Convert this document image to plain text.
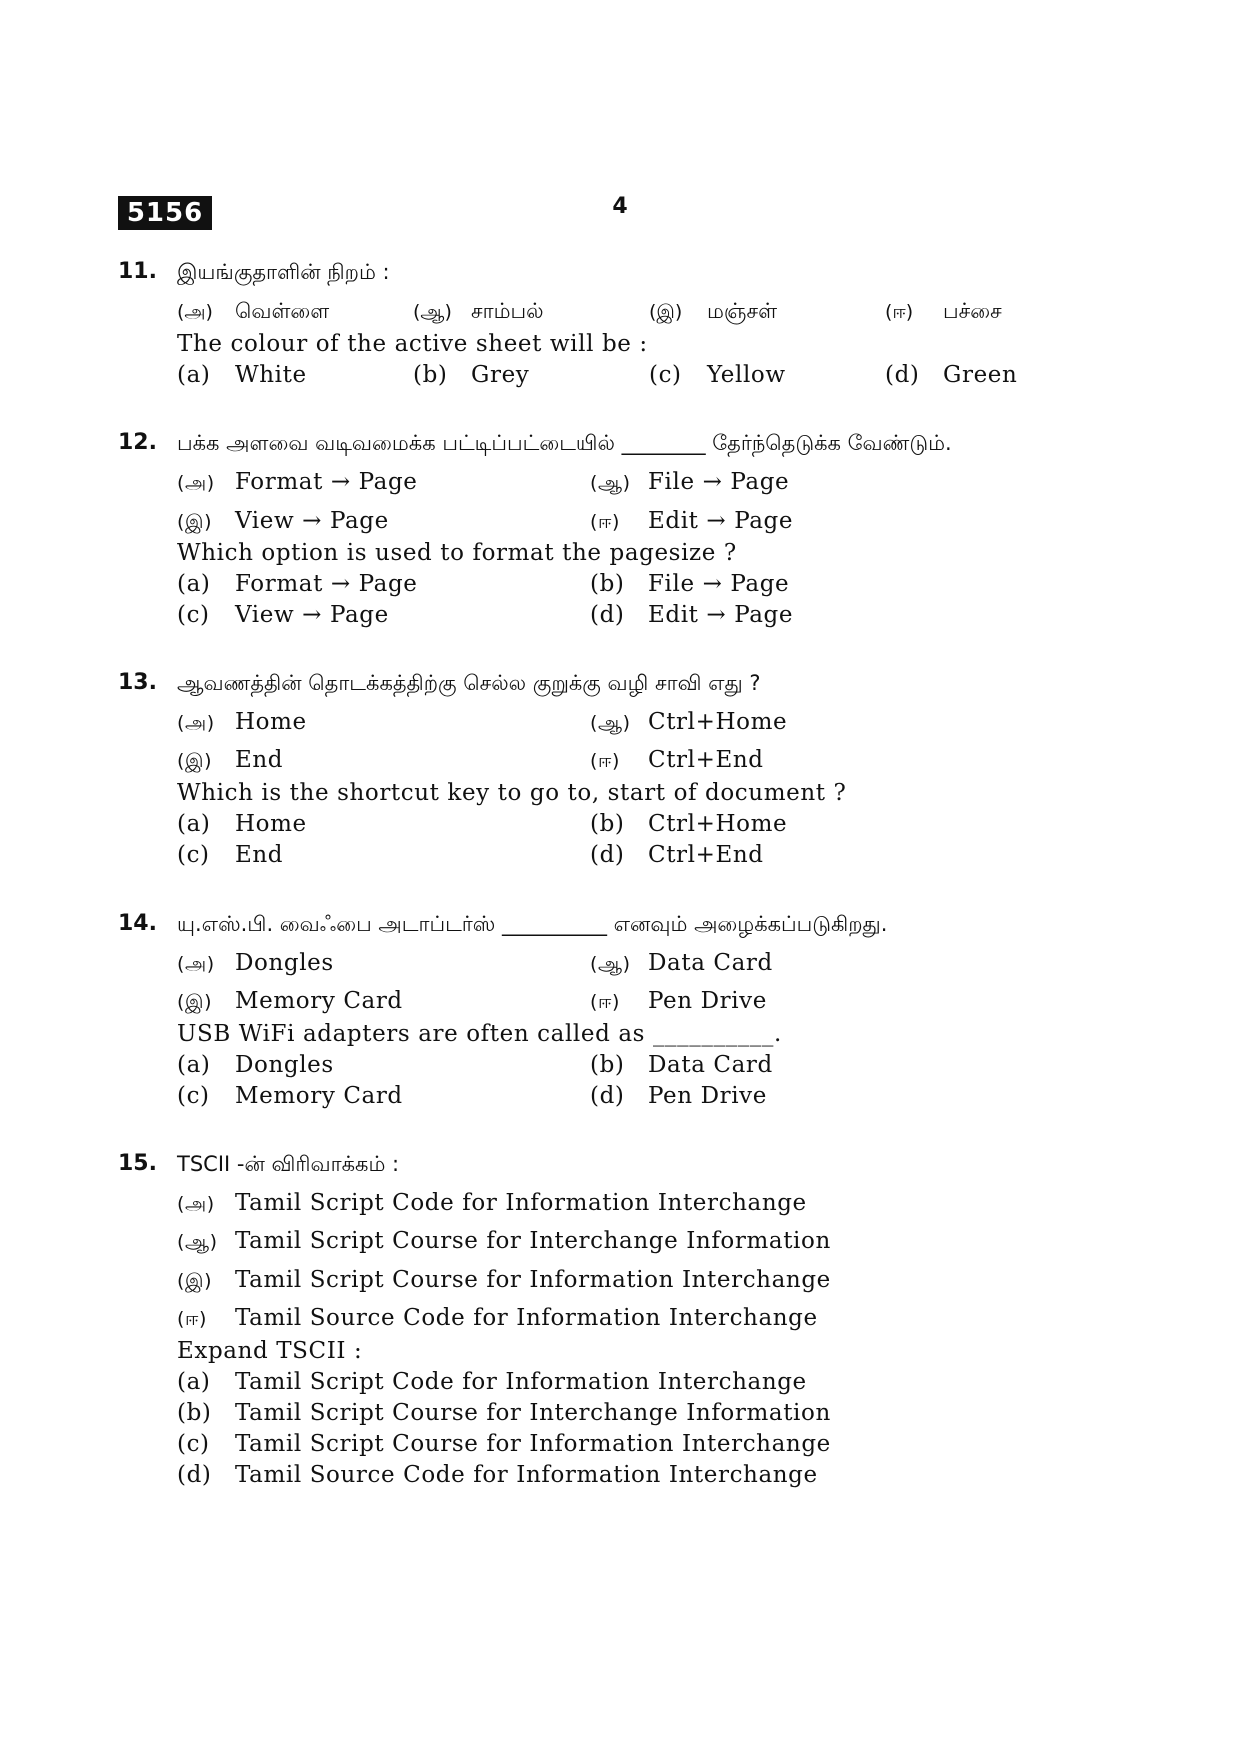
5156	4
11. இயங்குதாளின் நிறம் :
(அ) வெள்ளை	(ஆ) சாம்பல்	(இ) மஞ்சள்	(ஈ) பச்சை
The colour of the active sheet will be :
(a) White	(b) Grey	(c) Yellow	(d) Green
12. பக்க அளவை வடிவமைக்க பட்டிப்பட்டையில் ________ தேர்ந்தெடுக்க வேண்டும்.
(அ) Format → Page	(ஆ) File → Page
(இ) View → Page	(ஈ) Edit → Page
Which option is used to format the pagesize ?
(a) Format → Page	(b) File → Page
(c) View → Page	(d) Edit → Page
13. ஆவணத்தின் தொடக்கத்திற்கு செல்ல குறுக்கு வழி சாவி எது ?
(அ) Home	(ஆ) Ctrl+Home
(இ) End	(ஈ) Ctrl+End
Which is the shortcut key to go to, start of document ?
(a) Home	(b) Ctrl+Home
(c) End	(d) Ctrl+End
14. யு.எஸ்.பி. வைஃபை அடாப்டர்ஸ் __________ எனவும் அழைக்கப்படுகிறது.
(அ) Dongles	(ஆ) Data Card
(இ) Memory Card	(ஈ) Pen Drive
USB WiFi adapters are often called as __________.
(a) Dongles	(b) Data Card
(c) Memory Card	(d) Pen Drive
15. TSCII -ன் விரிவாக்கம் :
(அ) Tamil Script Code for Information Interchange
(ஆ) Tamil Script Course for Interchange Information
(இ) Tamil Script Course for Information Interchange
(ஈ) Tamil Source Code for Information Interchange
Expand TSCII :
(a) Tamil Script Code for Information Interchange
(b) Tamil Script Course for Interchange Information
(c) Tamil Script Course for Information Interchange
(d) Tamil Source Code for Information Interchange
